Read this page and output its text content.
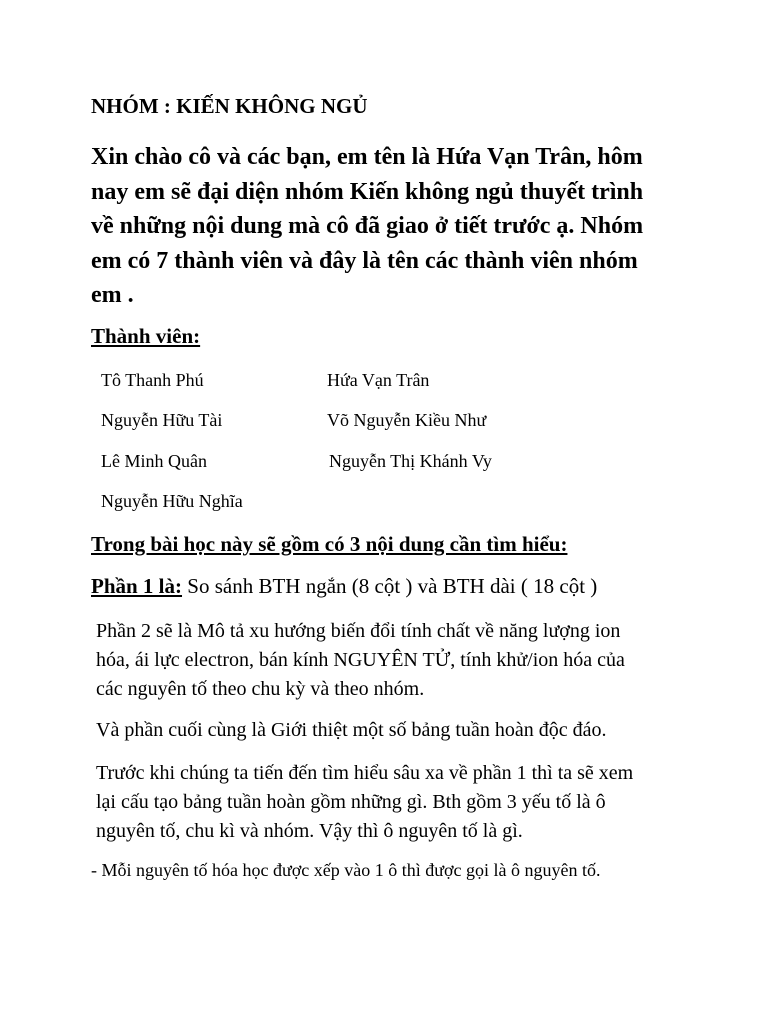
NHÓM : KIẾN KHÔNG NGỦ
Xin chào cô và các bạn, em tên là Hứa Vạn Trân, hôm
nay em sẽ đại diện nhóm Kiến không ngủ thuyết trình
về những nội dung mà cô đã giao ở tiết trước ạ. Nhóm
em có 7 thành viên và đây là tên các thành viên nhóm
em .
Thành viên:
Tô Thanh Phú	Hứa Vạn Trân
Nguyễn Hữu Tài	Võ Nguyễn Kiều Như
Lê Minh Quân	Nguyễn Thị Khánh Vy
Nguyễn Hữu Nghĩa
Trong bài học này sẽ gồm có 3 nội dung cần tìm hiểu:
Phần 1 là: So sánh BTH ngắn (8 cột ) và BTH dài ( 18 cột )
Phần 2 sẽ là Mô tả xu hướng biến đổi tính chất về năng lượng ion
hóa, ái lực electron, bán kính NGUYÊN TỬ, tính khử/ion hóa của
các nguyên tố theo chu kỳ và theo nhóm.
Và phần cuối cùng là Giới thiệt một số bảng tuần hoàn độc đáo.
Trước khi chúng ta tiến đến tìm hiểu sâu xa về phần 1 thì ta sẽ xem
lại cấu tạo bảng tuần hoàn gồm những gì. Bth gồm 3 yếu tố là ô
nguyên tố, chu kì và nhóm. Vậy thì ô nguyên tố là gì.
- Mỗi nguyên tố hóa học được xếp vào 1 ô thì được gọi là ô nguyên tố.
